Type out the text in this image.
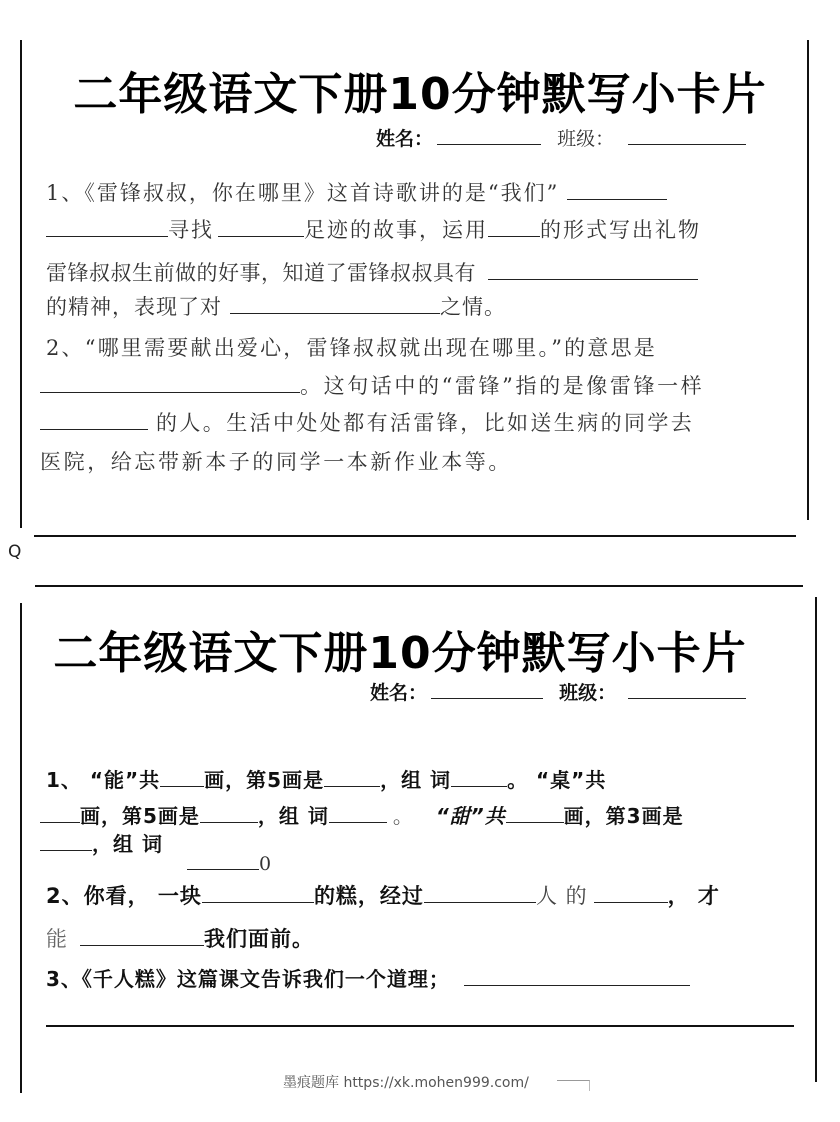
二年级语文下册10分钟默写小卡片
姓名：	班级：
1、《雷锋叔叔，你在哪里》这首诗歌讲的是“我们”
寻找	足迹的故事，运用 的形式写出礼物
雷锋叔叔生前做的好事，知道了雷锋叔叔具有
的精神，表现了对	之情。
2、“哪里需要献出爱心，雷锋叔叔就出现在哪里。”的意思是
。这句话中的“雷锋”指的是像雷锋一样
的人。生活中处处都有活雷锋，比如送生病的同学去
医院，给忘带新本子的同学一本新作业本等。
Q
二年级语文下册10分钟默写小卡片
姓名：	班级：
1、 “能”共 画，第5画是	，组 词	。 “桌”共
画，第5画是	，组 词	。 “甜”共	画，第3画是
，组 词
0
2、你看， 一块	的糕，经过	人 的	， 才
能	我们面前。
3、《千人糕》这篇课文告诉我们一个道理；
墨痕题库 https://xk.mohen999.com/
